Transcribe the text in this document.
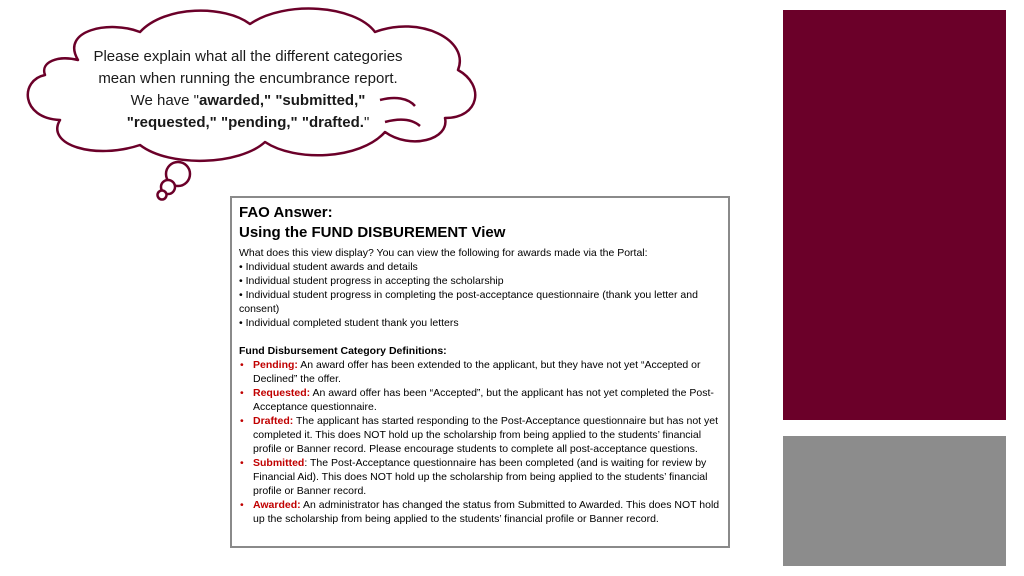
Please explain what all the different categories
mean when running the encumbrance report.
We have "awarded," "submitted,"
"requested," "pending," "drafted."

FAO Answer:

Using the FUND DISBUREMENT View

What does this view display? You can view the following for awards made via the Portal:

• Individual student awards and details
• Individual student progress in accepting the scholarship
• Individual student progress in completing the post-acceptance questionnaire (thank you letter and consent)
• Individual completed student thank you letters

Fund Disbursement Category Definitions:

• Pending: An award offer has been extended to the applicant, but they have not yet “Accepted or Declined” the offer.
• Requested: An award offer has been “Accepted”, but the applicant has not yet completed the Post-Acceptance questionnaire.
• Drafted: The applicant has started responding to the Post-Acceptance questionnaire but has not yet completed it. This does NOT hold up the scholarship from being applied to the students’ financial profile or Banner record. Please encourage students to complete all post-acceptance questions.
• Submitted: The Post-Acceptance questionnaire has been completed (and is waiting for review by Financial Aid). This does NOT hold up the scholarship from being applied to the students’ financial profile or Banner record.
• Awarded: An administrator has changed the status from Submitted to Awarded. This does NOT hold up the scholarship from being applied to the students’ financial profile or Banner record.
